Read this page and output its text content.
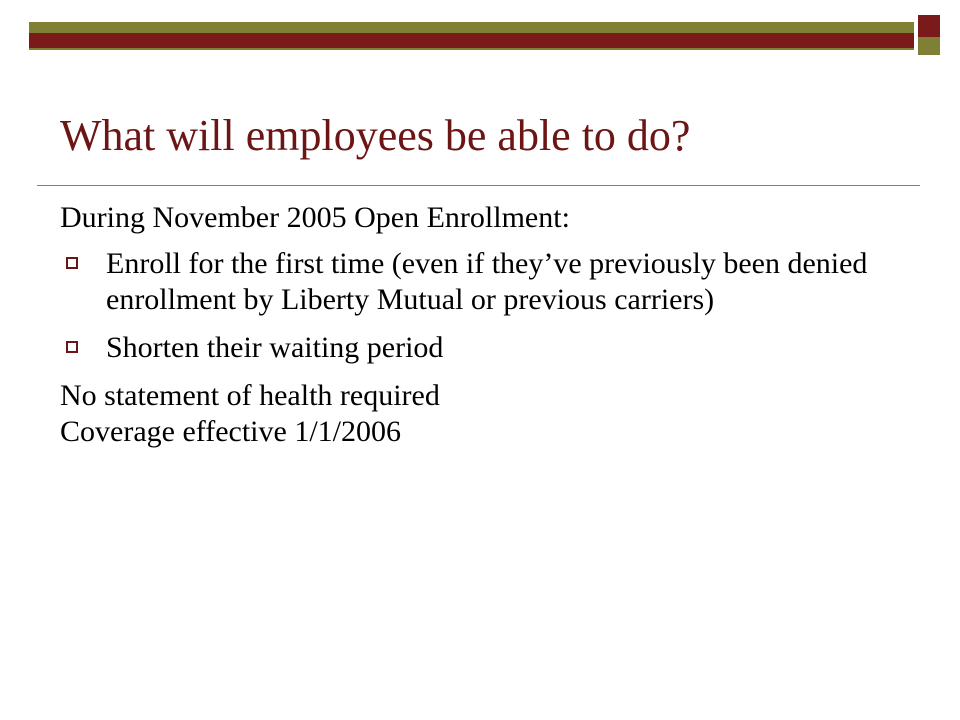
What will employees be able to do?

During November 2005 Open Enrollment:

Enroll for the first time (even if they’ve previously been denied enrollment by Liberty Mutual or previous carriers)
Shorten their waiting period

No statement of health required

Coverage effective 1/1/2006
